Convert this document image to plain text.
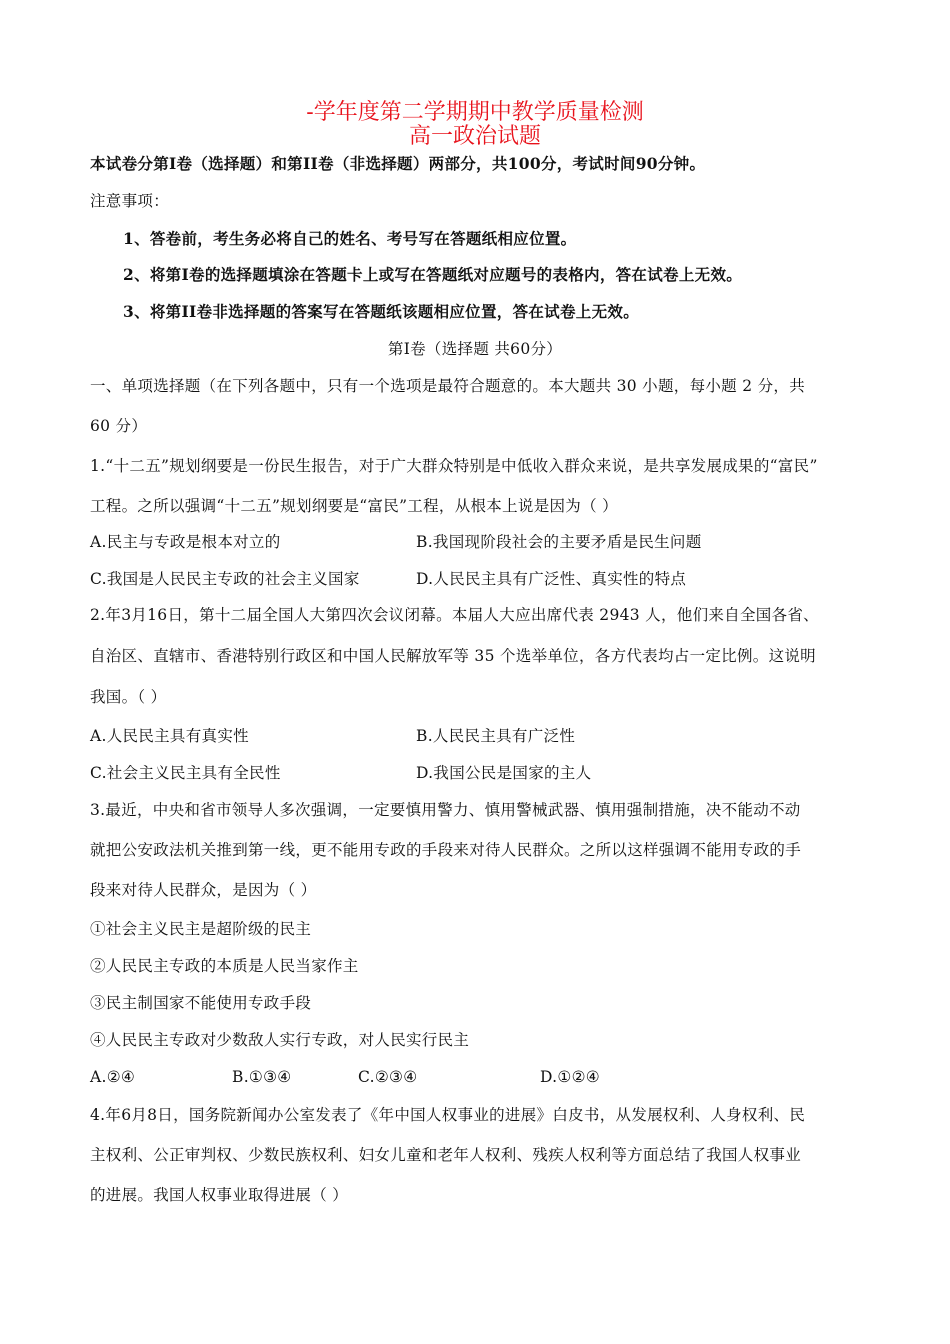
-学年度第二学期期中教学质量检测
高一政治试题
本试卷分第I卷（选择题）和第II卷（非选择题）两部分，共100分，考试时间90分钟。
注意事项：
1、答卷前，考生务必将自己的姓名、考号写在答题纸相应位置。
2、将第I卷的选择题填涂在答题卡上或写在答题纸对应题号的表格内，答在试卷上无效。
3、将第II卷非选择题的答案写在答题纸该题相应位置，答在试卷上无效。
第I卷（选择题 共60分）
一、单项选择题（在下列各题中，只有一个选项是最符合题意的。本大题共 30 小题，每小题 2 分，共
60 分）
1.“十二五”规划纲要是一份民生报告，对于广大群众特别是中低收入群众来说，是共享发展成果的“富民”
工程。之所以强调“十二五”规划纲要是“富民”工程，从根本上说是因为（ ）
A.民主与专政是根本对立的	B.我国现阶段社会的主要矛盾是民生问题
C.我国是人民民主专政的社会主义国家	D.人民民主具有广泛性、真实性的特点
2.年3月16日，第十二届全国人大第四次会议闭幕。本届人大应出席代表 2943 人，他们来自全国各省、
自治区、直辖市、香港特别行政区和中国人民解放军等 35 个选举单位，各方代表均占一定比例。这说明
我国。（ ）
A.人民民主具有真实性	B.人民民主具有广泛性
C.社会主义民主具有全民性	D.我国公民是国家的主人
3.最近，中央和省市领导人多次强调，一定要慎用警力、慎用警械武器、慎用强制措施，决不能动不动
就把公安政法机关推到第一线，更不能用专政的手段来对待人民群众。之所以这样强调不能用专政的手
段来对待人民群众，是因为（ ）
①社会主义民主是超阶级的民主
②人民民主专政的本质是人民当家作主
③民主制国家不能使用专政手段
④人民民主专政对少数敌人实行专政，对人民实行民主
A.②④	B.①③④	C.②③④	D.①②④
4.年6月8日，国务院新闻办公室发表了《年中国人权事业的进展》白皮书，从发展权利、人身权利、民
主权利、公正审判权、少数民族权利、妇女儿童和老年人权利、残疾人权利等方面总结了我国人权事业
的进展。我国人权事业取得进展（ ）
